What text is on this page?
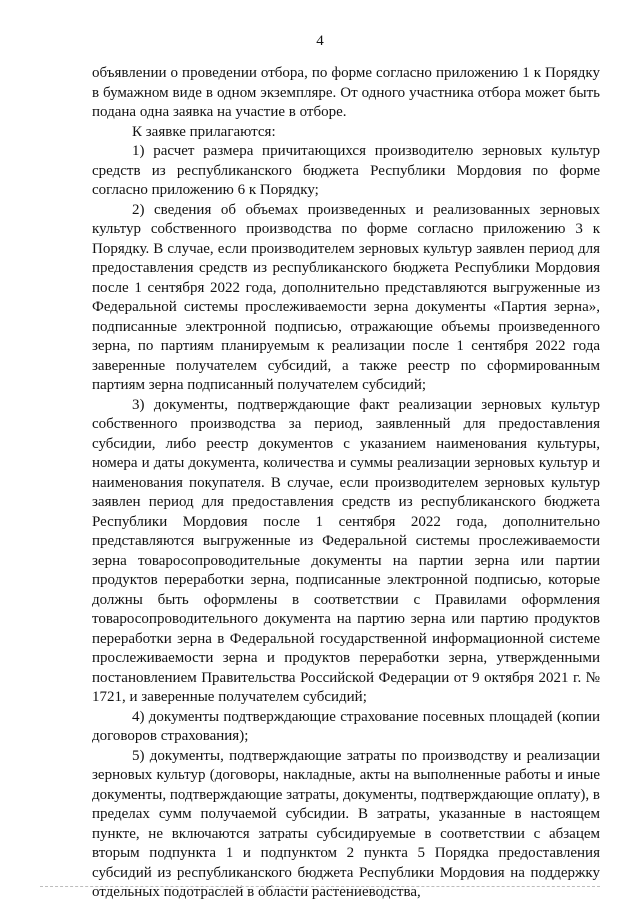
4

объявлении о проведении отбора, по форме согласно приложению 1 к Порядку в бумажном виде в одном экземпляре. От одного участника отбора может быть подана одна заявка на участие в отборе.

К заявке прилагаются:

1) расчет размера причитающихся производителю зерновых культур средств из республиканского бюджета Республики Мордовия по форме согласно приложению 6 к Порядку;

2) сведения об объемах произведенных и реализованных зерновых культур собственного производства по форме согласно приложению 3 к Порядку. В случае, если производителем зерновых культур заявлен период для предоставления средств из республиканского бюджета Республики Мордовия после 1 сентября 2022 года, дополнительно представляются выгруженные из Федеральной системы прослеживаемости зерна документы «Партия зерна», подписанные электронной подписью, отражающие объемы произведенного зерна, по партиям планируемым к реализации после 1 сентября 2022 года заверенные получателем субсидий, а также реестр по сформированным партиям зерна подписанный получателем субсидий;

3) документы, подтверждающие факт реализации зерновых культур собственного производства за период, заявленный для предоставления субсидии, либо реестр документов с указанием наименования культуры, номера и даты документа, количества и суммы реализации зерновых культур и наименования покупателя. В случае, если производителем зерновых культур заявлен период для предоставления средств из республиканского бюджета Республики Мордовия после 1 сентября 2022 года, дополнительно представляются выгруженные из Федеральной системы прослеживаемости зерна товаросопроводительные документы на партии зерна или партии продуктов переработки зерна, подписанные электронной подписью, которые должны быть оформлены в соответствии с Правилами оформления товаросопроводительного документа на партию зерна или партию продуктов переработки зерна в Федеральной государственной информационной системе прослеживаемости зерна и продуктов переработки зерна, утвержденными постановлением Правительства Российской Федерации от 9 октября 2021 г. № 1721, и заверенные получателем субсидий;

4) документы подтверждающие страхование посевных площадей (копии договоров страхования);

5) документы, подтверждающие затраты по производству и реализации зерновых культур (договоры, накладные, акты на выполненные работы и иные документы, подтверждающие затраты, документы, подтверждающие оплату), в пределах сумм получаемой субсидии. В затраты, указанные в настоящем пункте, не включаются затраты субсидируемые в соответствии с абзацем вторым подпункта 1 и подпунктом 2 пункта 5 Порядка предоставления субсидий из республиканского бюджета Республики Мордовия на поддержку отдельных подотраслей в области растениеводства,
